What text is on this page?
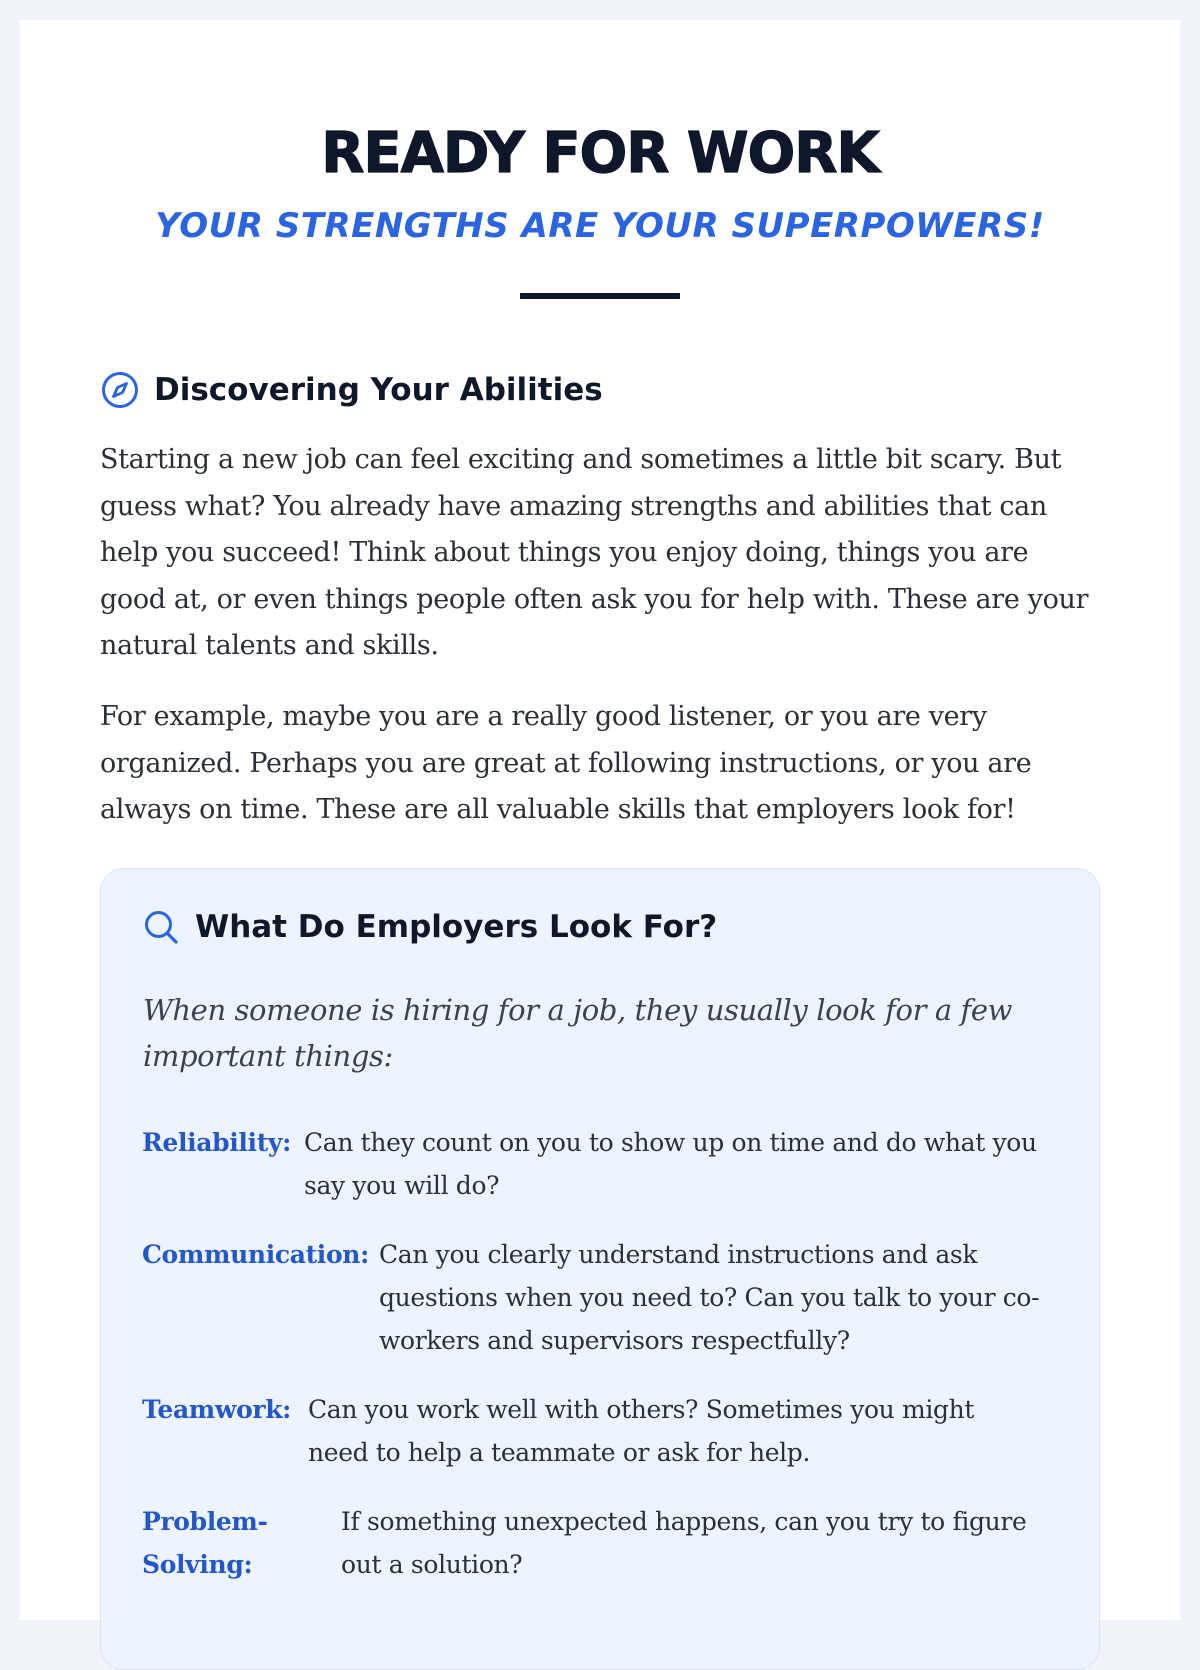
READY FOR WORK
YOUR STRENGTHS ARE YOUR SUPERPOWERS!
Discovering Your Abilities

Starting a new job can feel exciting and sometimes a little bit scary. But guess what? You already have amazing strengths and abilities that can help you succeed! Think about things you enjoy doing, things you are good at, or even things people often ask you for help with. These are your natural talents and skills.

For example, maybe you are a really good listener, or you are very organized. Perhaps you are great at following instructions, or you are always on time. These are all valuable skills that employers look for!

What Do Employers Look For?

When someone is hiring for a job, they usually look for a few important things:

Reliability: Can they count on you to show up on time and do what you say you will do?
Communication: Can you clearly understand instructions and ask questions when you need to? Can you talk to your co-workers and supervisors respectfully?
Teamwork: Can you work well with others? Sometimes you might need to help a teammate or ask for help.
Problem-Solving:
If something unexpected happens, can you try to figure out a solution?
